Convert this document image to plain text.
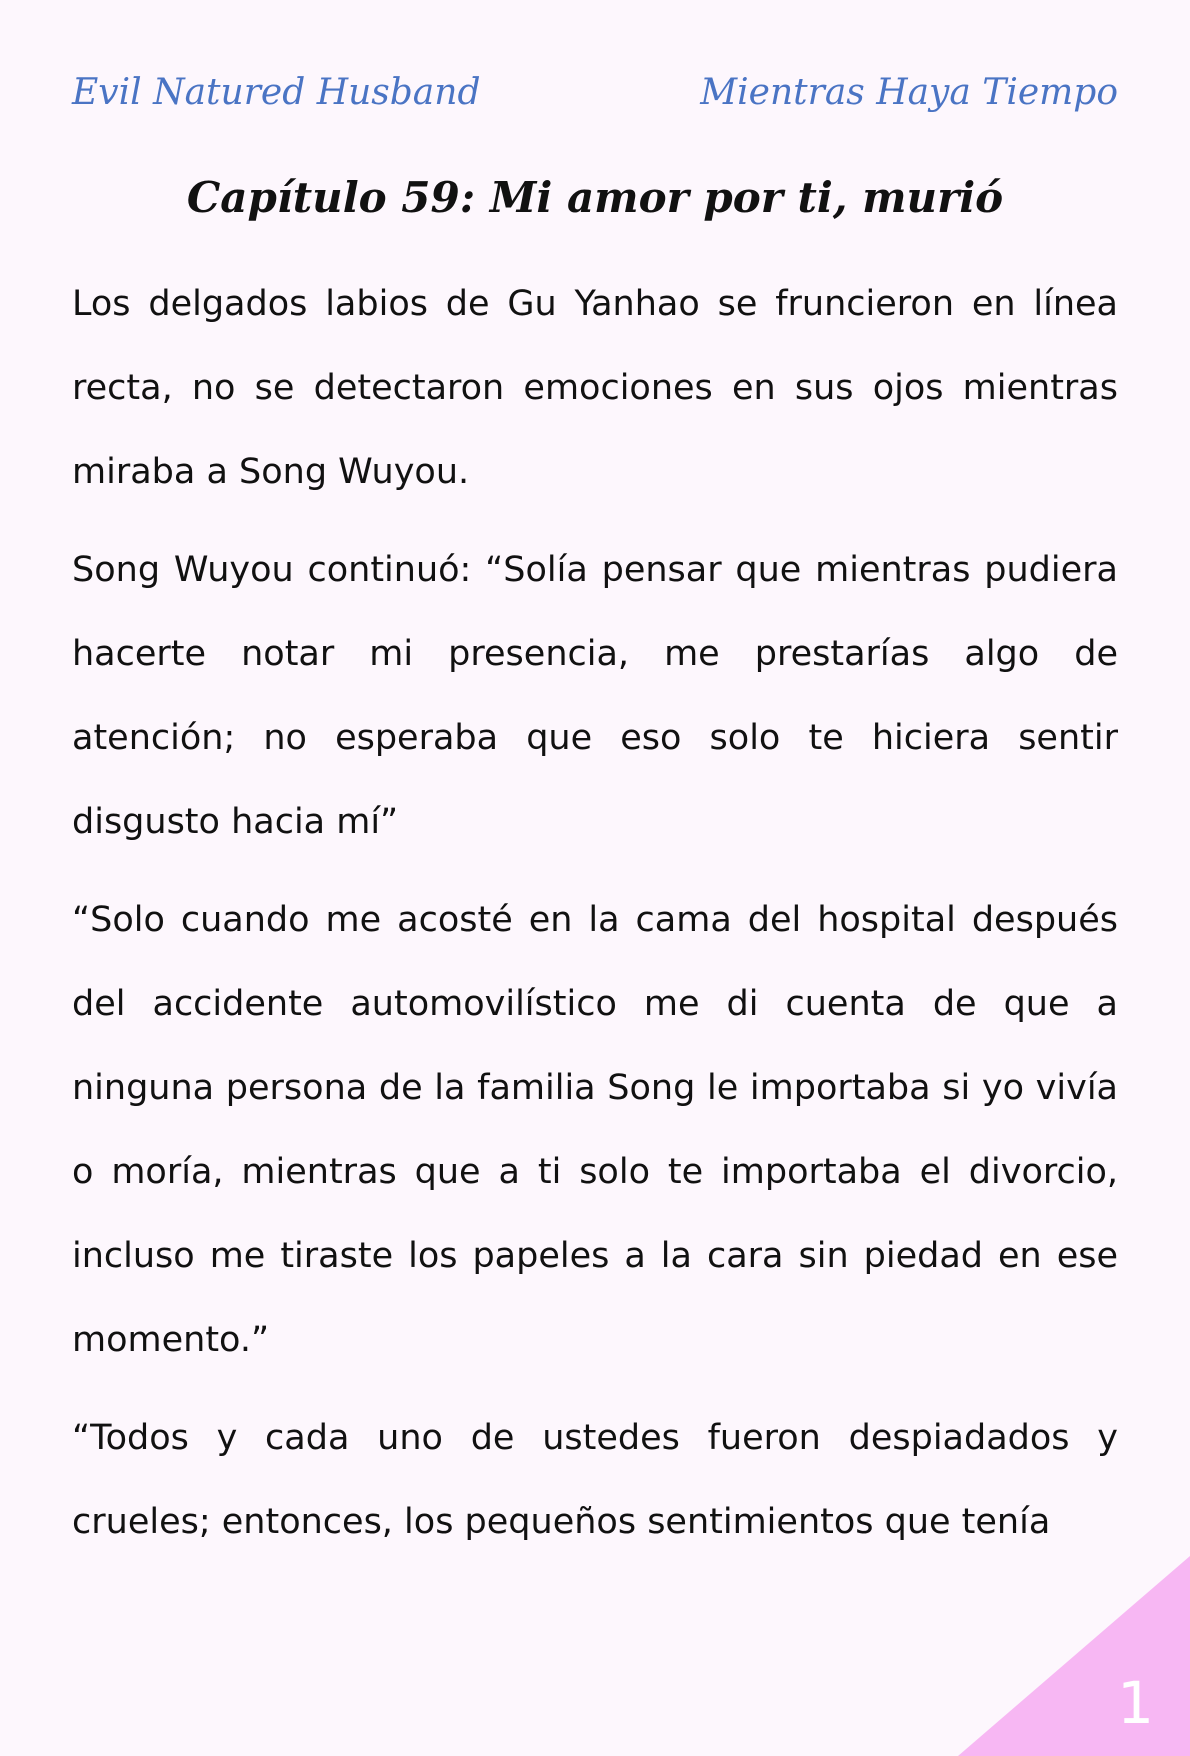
Evil Natured Husband	Mientras Haya Tiempo
Capítulo 59: Mi amor por ti, murió

Los delgados labios de Gu Yanhao se fruncieron en línea recta, no se detectaron emociones en sus ojos mientras miraba a Song Wuyou.

Song Wuyou continuó: “Solía pensar que mientras pudiera hacerte notar mi presencia, me prestarías algo de atención; no esperaba que eso solo te hiciera sentir disgusto hacia mí”

“Solo cuando me acosté en la cama del hospital después del accidente automovilístico me di cuenta de que a ninguna persona de la familia Song le importaba si yo vivía o moría, mientras que a ti solo te importaba el divorcio, incluso me tiraste los papeles a la cara sin piedad en ese momento.”

“Todos y cada uno de ustedes fueron despiadados y crueles; entonces, los pequeños sentimientos que tenía

1
